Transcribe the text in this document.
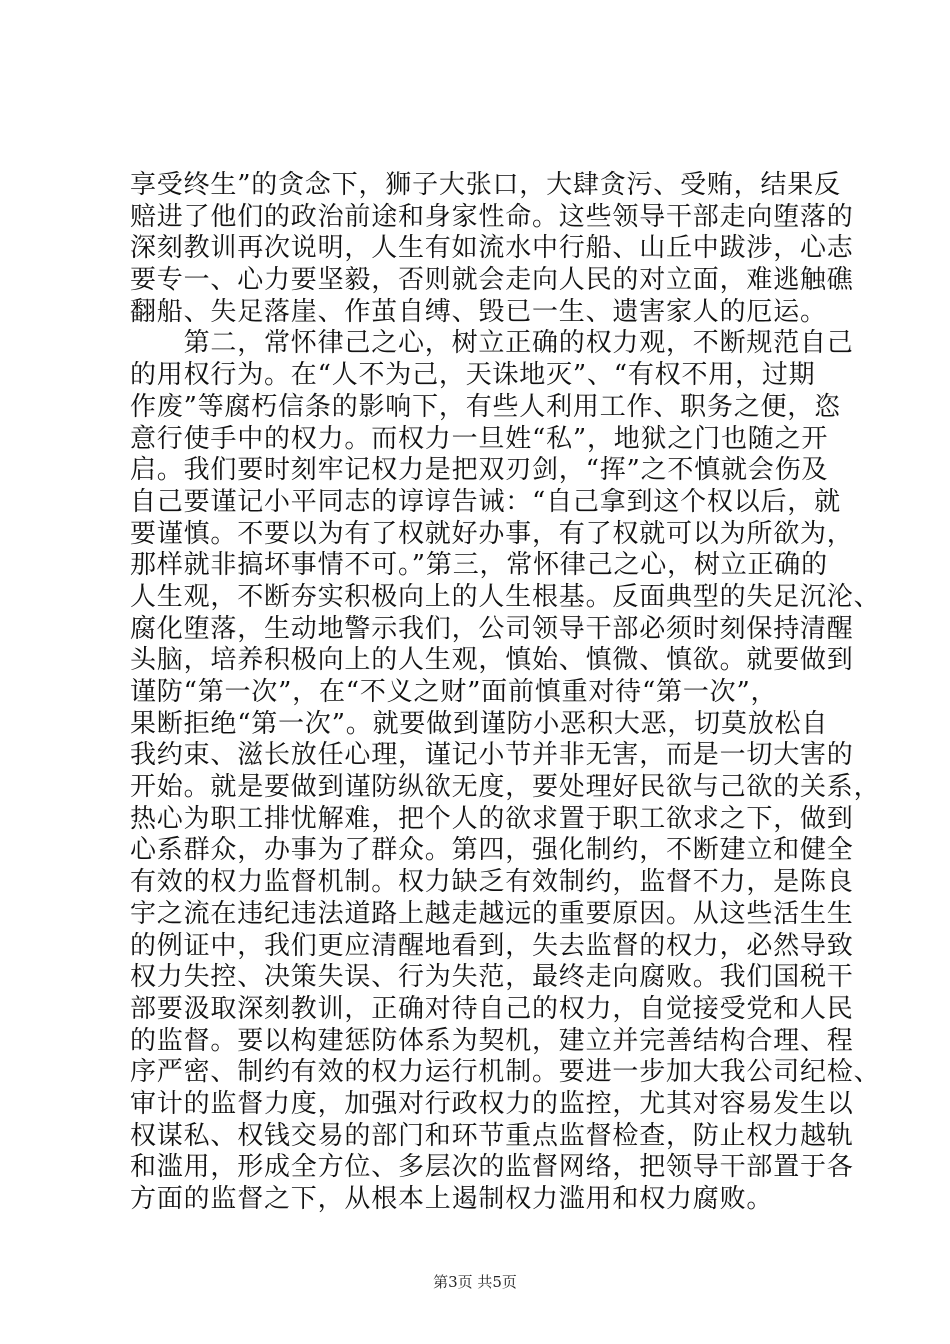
享受终生”的贪念下，狮子大张口，大肆贪污、受贿，结果反
赔进了他们的政治前途和身家性命。这些领导干部走向堕落的
深刻教训再次说明，人生有如流水中行船、山丘中跋涉，心志
要专一、心力要坚毅，否则就会走向人民的对立面，难逃触礁
翻船、失足落崖、作茧自缚、毁已一生、遗害家人的厄运。
　　第二，常怀律己之心，树立正确的权力观，不断规范自己
的用权行为。在“人不为己，天诛地灭”、“有权不用，过期
作废”等腐朽信条的影响下，有些人利用工作、职务之便，恣
意行使手中的权力。而权力一旦姓“私”，地狱之门也随之开
启。我们要时刻牢记权力是把双刃剑，“挥”之不慎就会伤及
自己要谨记小平同志的谆谆告诫：“自己拿到这个权以后，就
要谨慎。不要以为有了权就好办事，有了权就可以为所欲为，
那样就非搞坏事情不可。”第三，常怀律己之心，树立正确的
人生观，不断夯实积极向上的人生根基。反面典型的失足沉沦、
腐化堕落，生动地警示我们，公司领导干部必须时刻保持清醒
头脑，培养积极向上的人生观，慎始、慎微、慎欲。就要做到
谨防“第一次”，在“不义之财”面前慎重对待“第一次”，
果断拒绝“第一次”。就要做到谨防小恶积大恶，切莫放松自
我约束、滋长放任心理，谨记小节并非无害，而是一切大害的
开始。就是要做到谨防纵欲无度，要处理好民欲与己欲的关系，
热心为职工排忧解难，把个人的欲求置于职工欲求之下，做到
心系群众，办事为了群众。第四，强化制约，不断建立和健全
有效的权力监督机制。权力缺乏有效制约，监督不力，是陈良
宇之流在违纪违法道路上越走越远的重要原因。从这些活生生
的例证中，我们更应清醒地看到，失去监督的权力，必然导致
权力失控、决策失误、行为失范，最终走向腐败。我们国税干
部要汲取深刻教训，正确对待自己的权力，自觉接受党和人民
的监督。要以构建惩防体系为契机，建立并完善结构合理、程
序严密、制约有效的权力运行机制。要进一步加大我公司纪检、
审计的监督力度，加强对行政权力的监控，尤其对容易发生以
权谋私、权钱交易的部门和环节重点监督检查，防止权力越轨
和滥用，形成全方位、多层次的监督网络，把领导干部置于各
方面的监督之下，从根本上遏制权力滥用和权力腐败。
第3页 共5页
